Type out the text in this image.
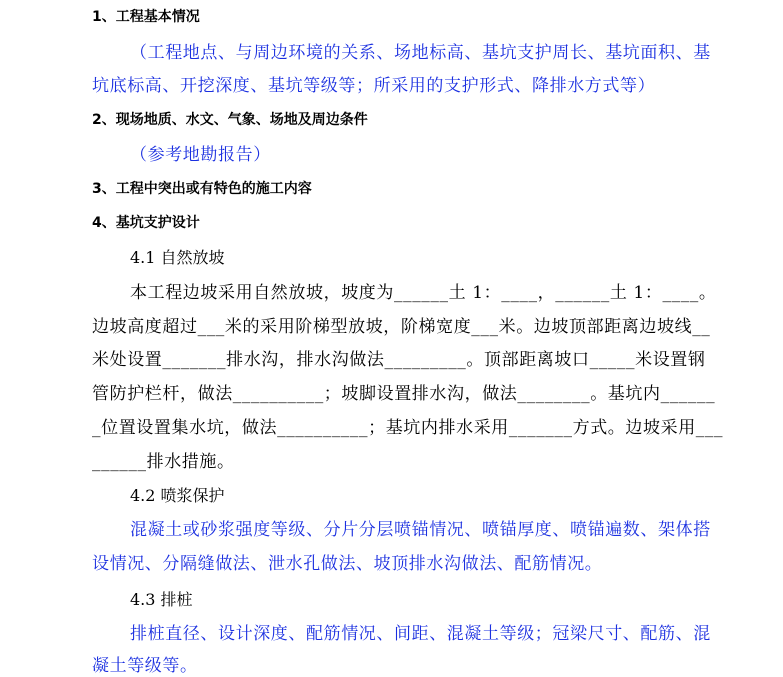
1、工程基本情况
（工程地点、与周边环境的关系、场地标高、基坑支护周长、基坑面积、基
坑底标高、开挖深度、基坑等级等；所采用的支护形式、降排水方式等）
2、现场地质、水文、气象、场地及周边条件
（参考地勘报告）
3、工程中突出或有特色的施工内容
4、基坑支护设计
4.1 自然放坡
本工程边坡采用自然放坡，坡度为______土 1：____，______土 1：____。
边坡高度超过___米的采用阶梯型放坡，阶梯宽度___米。边坡顶部距离边坡线__
米处设置_______排水沟，排水沟做法_________。顶部距离坡口_____米设置钢
管防护栏杆，做法__________；坡脚设置排水沟，做法________。基坑内______
_位置设置集水坑，做法__________；基坑内排水采用_______方式。边坡采用___
______排水措施。
4.2 喷浆保护
混凝土或砂浆强度等级、分片分层喷锚情况、喷锚厚度、喷锚遍数、架体搭
设情况、分隔缝做法、泄水孔做法、坡顶排水沟做法、配筋情况。
4.3 排桩
排桩直径、设计深度、配筋情况、间距、混凝土等级；冠梁尺寸、配筋、混
凝土等级等。
